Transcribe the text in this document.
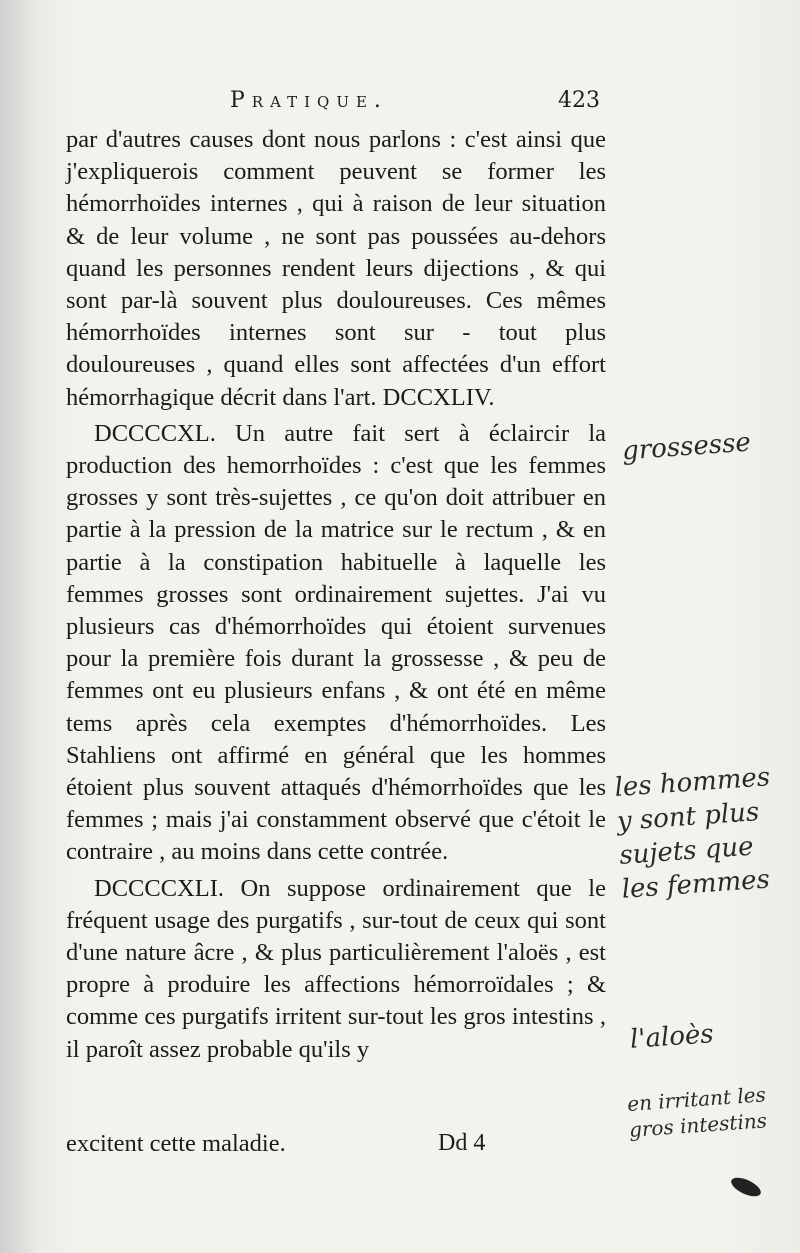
Pratique.	423

par d'autres causes dont nous parlons : c'est ainsi que j'expliquerois comment peuvent se former les hémorrhoïdes internes , qui à raison de leur situation & de leur volume , ne sont pas poussées au-dehors quand les personnes rendent leurs dijections , & qui sont par-là souvent plus douloureuses. Ces mêmes hémorrhoïdes internes sont sur - tout plus douloureuses , quand elles sont affectées d'un effort hémorrhagique décrit dans l'art. DCCXLIV.

DCCCCXL. Un autre fait sert à éclaircir la production des hemorrhoïdes : c'est que les femmes grosses y sont très-sujettes , ce qu'on doit attribuer en partie à la pression de la matrice sur le rectum , & en partie à la constipation habituelle à laquelle les femmes grosses sont ordinairement sujettes. J'ai vu plusieurs cas d'hémorrhoïdes qui étoient survenues pour la première fois durant la grossesse , & peu de femmes ont eu plusieurs enfans , & ont été en même tems après cela exemptes d'hémorrhoïdes. Les Stahliens ont affirmé en général que les hommes étoient plus souvent attaqués d'hémorrhoïdes que les femmes ; mais j'ai constamment observé que c'étoit le contraire , au moins dans cette contrée.

DCCCCXLI. On suppose ordinairement que le fréquent usage des purgatifs , sur-tout de ceux qui sont d'une nature âcre , & plus particulièrement l'aloës , est propre à produire les affections hémorroïdales ; & comme ces purgatifs irritent sur-tout les gros intestins , il paroît assez probable qu'ils y

excitent cette maladie.	Dd 4
grossesse
les hommes y sont plus sujets que les femmes
l'aloès
en irritant les gros intestins
